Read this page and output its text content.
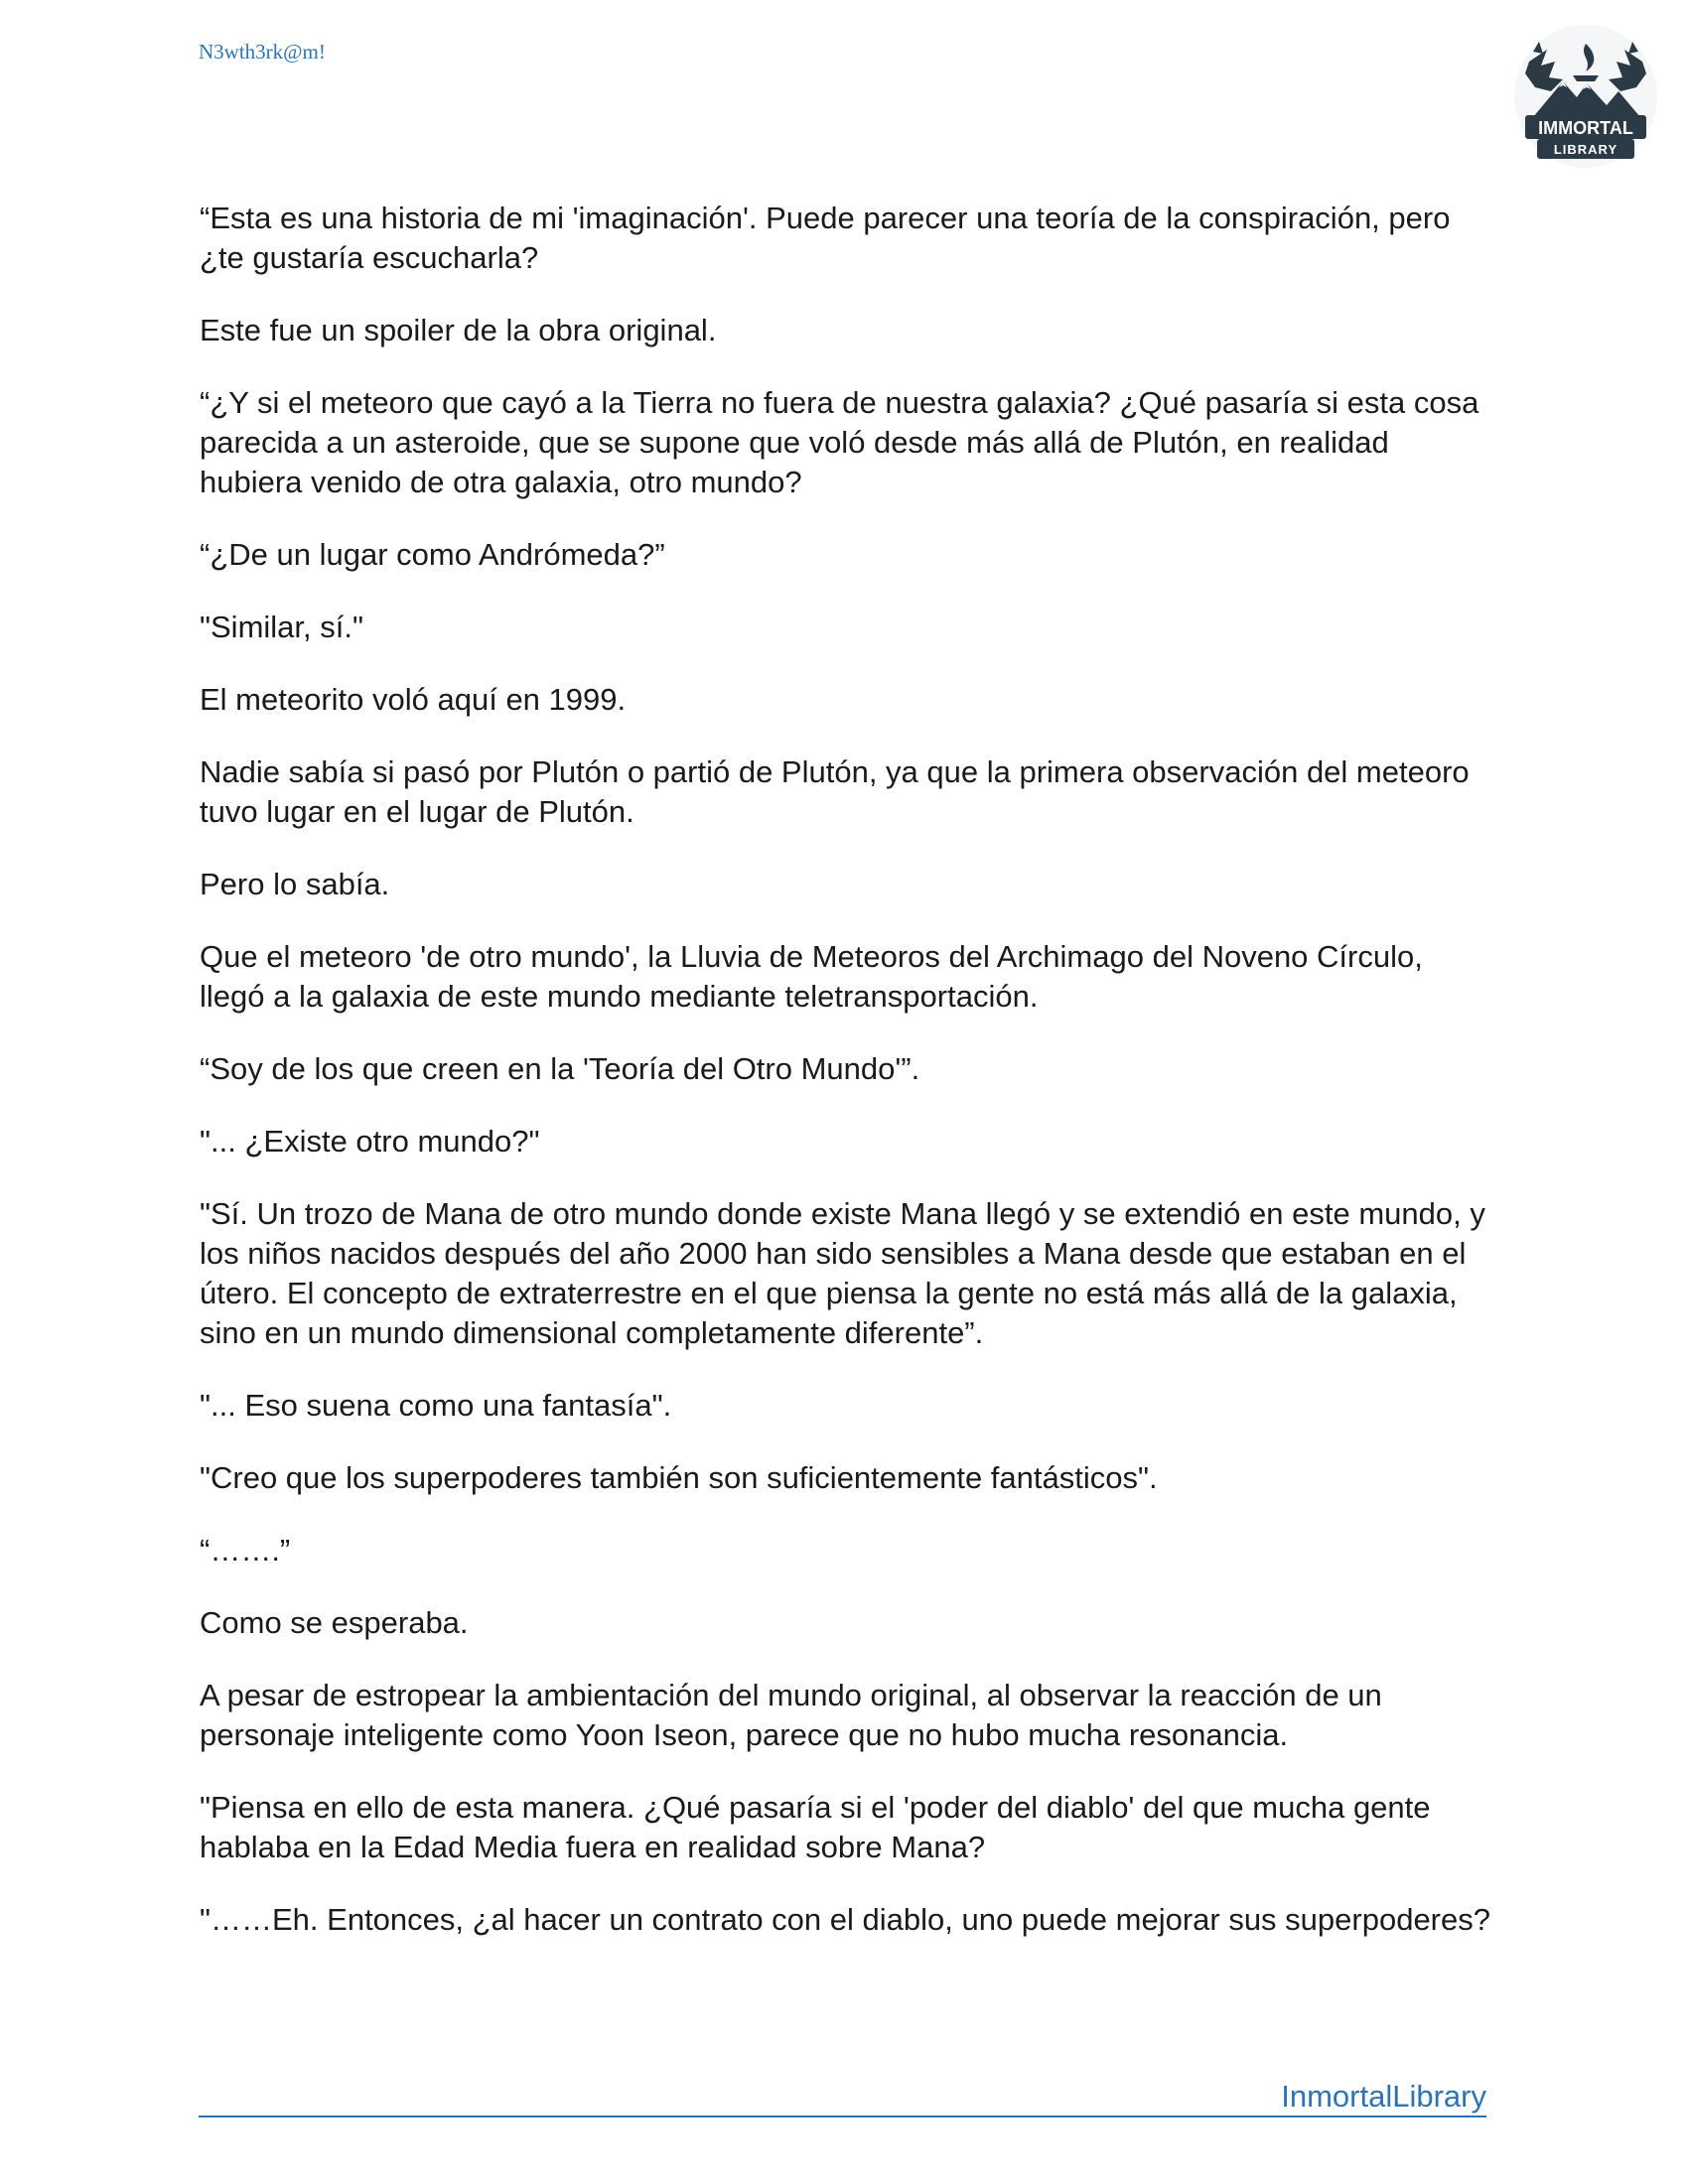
N3wth3rk@m!
IMMORTAL
LIBRARY

“Esta es una historia de mi 'imaginación'. Puede parecer una teoría de la conspiración, pero ¿te gustaría escucharla?

Este fue un spoiler de la obra original.

“¿Y si el meteoro que cayó a la Tierra no fuera de nuestra galaxia? ¿Qué pasaría si esta cosa parecida a un asteroide, que se supone que voló desde más allá de Plutón, en realidad hubiera venido de otra galaxia, otro mundo?

“¿De un lugar como Andrómeda?”

"Similar, sí."

El meteorito voló aquí en 1999.

Nadie sabía si pasó por Plutón o partió de Plutón, ya que la primera observación del meteoro tuvo lugar en el lugar de Plutón.

Pero lo sabía.

Que el meteoro 'de otro mundo', la Lluvia de Meteoros del Archimago del Noveno Círculo, llegó a la galaxia de este mundo mediante teletransportación.

“Soy de los que creen en la 'Teoría del Otro Mundo'”.

"... ¿Existe otro mundo?"

"Sí. Un trozo de Mana de otro mundo donde existe Mana llegó y se extendió en este mundo, y los niños nacidos después del año 2000 han sido sensibles a Mana desde que estaban en el útero. El concepto de extraterrestre en el que piensa la gente no está más allá de la galaxia, sino en un mundo dimensional completamente diferente”.

"... Eso suena como una fantasía".

"Creo que los superpoderes también son suficientemente fantásticos".

“…….”

Como se esperaba.

A pesar de estropear la ambientación del mundo original, al observar la reacción de un personaje inteligente como Yoon Iseon, parece que no hubo mucha resonancia.

"Piensa en ello de esta manera. ¿Qué pasaría si el 'poder del diablo' del que mucha gente hablaba en la Edad Media fuera en realidad sobre Mana?

"……Eh. Entonces, ¿al hacer un contrato con el diablo, uno puede mejorar sus superpoderes?

InmortalLibrary
